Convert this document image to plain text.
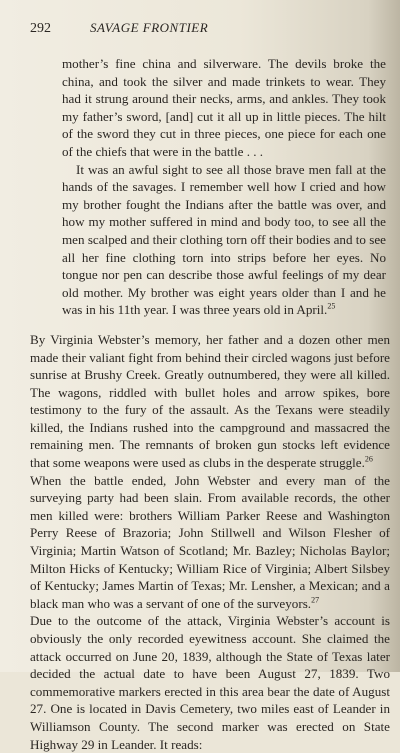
292	SAVAGE FRONTIER

mother’s fine china and silverware. The devils broke the china, and took the silver and made trinkets to wear. They had it strung around their necks, arms, and ankles. They took my father’s sword, [and] cut it all up in little pieces. The hilt of the sword they cut in three pieces, one piece for each one of the chiefs that were in the battle . . .

It was an awful sight to see all those brave men fall at the hands of the savages. I remember well how I cried and how my brother fought the Indians after the battle was over, and how my mother suffered in mind and body too, to see all the men scalped and their clothing torn off their bodies and to see all her fine clothing torn into strips before her eyes. No tongue nor pen can describe those awful feelings of my dear old mother. My brother was eight years older than I and he was in his 11th year. I was three years old in April.$^{25}$

By Virginia Webster’s memory, her father and a dozen other men made their valiant fight from behind their circled wagons just before sunrise at Brushy Creek. Greatly outnumbered, they were all killed. The wagons, riddled with bullet holes and arrow spikes, bore testimony to the fury of the assault. As the Texans were steadily killed, the Indians rushed into the campground and massacred the remaining men. The remnants of broken gun stocks left evidence that some weapons were used as clubs in the desperate struggle.$^{26}$

When the battle ended, John Webster and every man of the surveying party had been slain. From available records, the other men killed were: brothers William Parker Reese and Washington Perry Reese of Brazoria; John Stillwell and Wilson Flesher of Virginia; Martin Watson of Scotland; Mr. Bazley; Nicholas Baylor; Milton Hicks of Kentucky; William Rice of Virginia; Albert Silsbey of Kentucky; James Martin of Texas; Mr. Lensher, a Mexican; and a black man who was a servant of one of the surveyors.$^{27}$

Due to the outcome of the attack, Virginia Webster’s account is obviously the only recorded eyewitness account. She claimed the attack occurred on June 20, 1839, although the State of Texas later decided the actual date to have been August 27, 1839. Two commemorative markers erected in this area bear the date of August 27. One is located in Davis Cemetery, two miles east of Leander in Williamson County. The second marker was erected on State Highway 29 in Leander. It reads:
